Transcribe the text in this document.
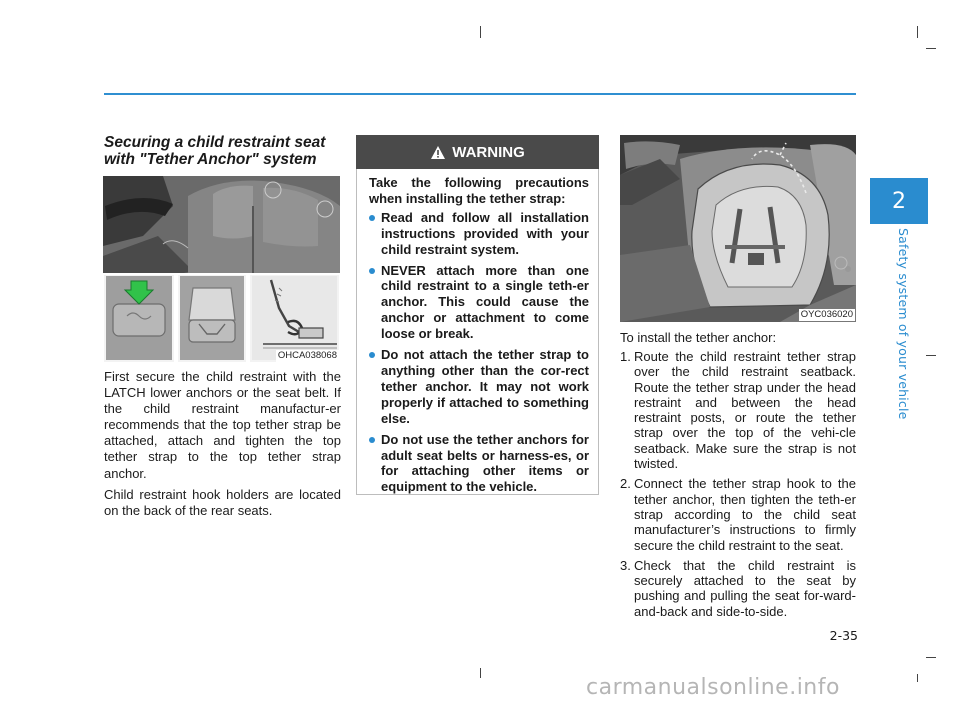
2
Safety system of your vehicle
Securing a child restraint seat
with "Tether Anchor" system
OHCA038068

First secure the child restraint with the LATCH lower anchors or the seat belt. If the child restraint manufactur-er recommends that the top tether strap be attached, attach and tighten the top tether strap to the top tether strap anchor.

Child restraint hook holders are located on the back of the rear seats.

WARNING

Take the following precautions when installing the tether strap:

Read and follow all installation instructions provided with your child restraint system.
NEVER attach more than one child restraint to a single teth-er anchor. This could cause the anchor or attachment to come loose or break.
Do not attach the tether strap to anything other than the cor-rect tether anchor. It may not work properly if attached to something else.
Do not use the tether anchors for adult seat belts or harness-es, or for attaching other items or equipment to the vehicle.
OYC036020

To install the tether anchor:

1. Route the child restraint tether strap over the child restraint seatback. Route the tether strap under the head restraint and between the head restraint posts, or route the tether strap over the top of the vehi-cle seatback. Make sure the strap is not twisted.
2. Connect the tether strap hook to the tether anchor, then tighten the teth-er strap according to the child seat manufacturer’s instructions to firmly secure the child restraint to the seat.
3. Check that the child restraint is securely attached to the seat by pushing and pulling the seat for-ward-and-back and side-to-side.
2-35
carmanualsonline.info
